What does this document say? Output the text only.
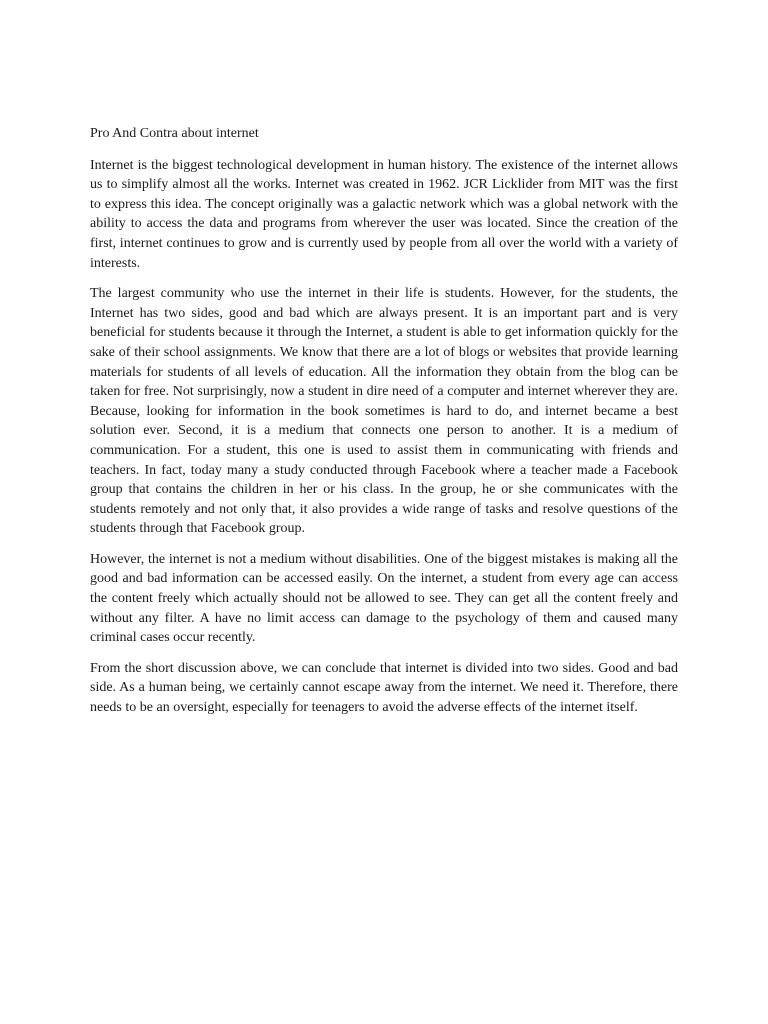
Pro And Contra about internet

Internet is the biggest technological development in human history. The existence of the internet allows us to simplify almost all the works. Internet was created in 1962. JCR Licklider from MIT was the first to express this idea. The concept originally was a galactic network which was a global network with the ability to access the data and programs from wherever the user was located. Since the creation of the first, internet continues to grow and is currently used by people from all over the world with a variety of interests.

The largest community who use the internet in their life is students. However, for the students, the Internet has two sides, good and bad which are always present. It is an important part and is very beneficial for students because it through the Internet, a student is able to get information quickly for the sake of their school assignments. We know that there are a lot of blogs or websites that provide learning materials for students of all levels of education. All the information they obtain from the blog can be taken for free. Not surprisingly, now a student in dire need of a computer and internet wherever they are. Because, looking for information in the book sometimes is hard to do, and internet became a best solution ever. Second, it is a medium that connects one person to another. It is a medium of communication. For a student, this one is used to assist them in communicating with friends and teachers. In fact, today many a study conducted through Facebook where a teacher made a Facebook group that contains the children in her or his class. In the group, he or she communicates with the students remotely and not only that, it also provides a wide range of tasks and resolve questions of the students through that Facebook group.

However, the internet is not a medium without disabilities. One of the biggest mistakes is making all the good and bad information can be accessed easily. On the internet, a student from every age can access the content freely which actually should not be allowed to see. They can get all the content freely and without any filter. A have no limit access can damage to the psychology of them and caused many criminal cases occur recently.

From the short discussion above, we can conclude that internet is divided into two sides. Good and bad side. As a human being, we certainly cannot escape away from the internet. We need it. Therefore, there needs to be an oversight, especially for teenagers to avoid the adverse effects of the internet itself.
